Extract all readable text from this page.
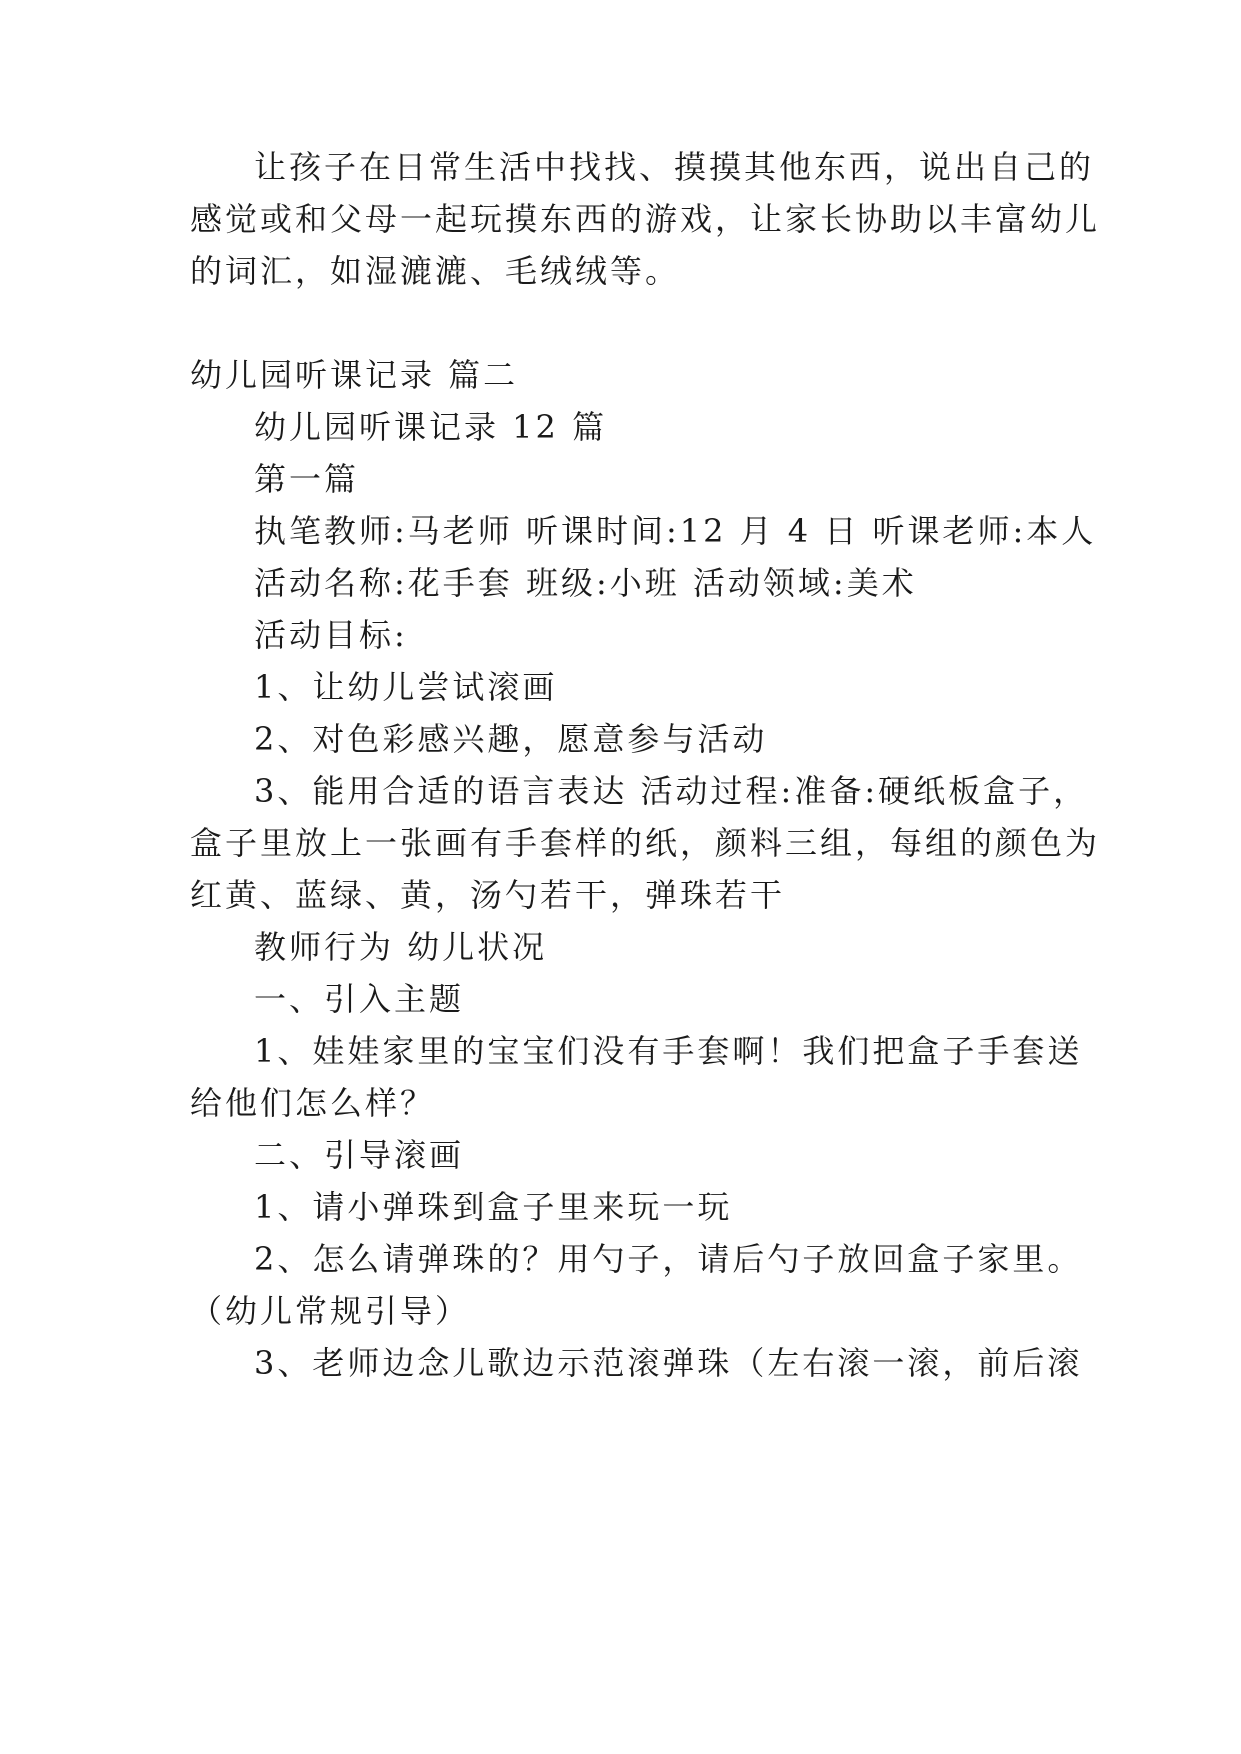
让孩子在日常生活中找找、摸摸其他东西，说出自己的
感觉或和父母一起玩摸东西的游戏，让家长协助以丰富幼儿
的词汇，如湿漉漉、毛绒绒等。
幼儿园听课记录 篇二
幼儿园听课记录 12 篇
第一篇
执笔教师:马老师 听课时间:12 月 4 日 听课老师:本人
活动名称:花手套 班级:小班 活动领域:美术
活动目标:
1、让幼儿尝试滚画
2、对色彩感兴趣，愿意参与活动
3、能用合适的语言表达 活动过程:准备:硬纸板盒子，
盒子里放上一张画有手套样的纸，颜料三组，每组的颜色为
红黄、蓝绿、黄，汤勺若干，弹珠若干
教师行为 幼儿状况
一、引入主题
1、娃娃家里的宝宝们没有手套啊！我们把盒子手套送
给他们怎么样？
二、引导滚画
1、请小弹珠到盒子里来玩一玩
2、怎么请弹珠的？用勺子，请后勺子放回盒子家里。
（幼儿常规引导）
3、老师边念儿歌边示范滚弹珠（左右滚一滚，前后滚
